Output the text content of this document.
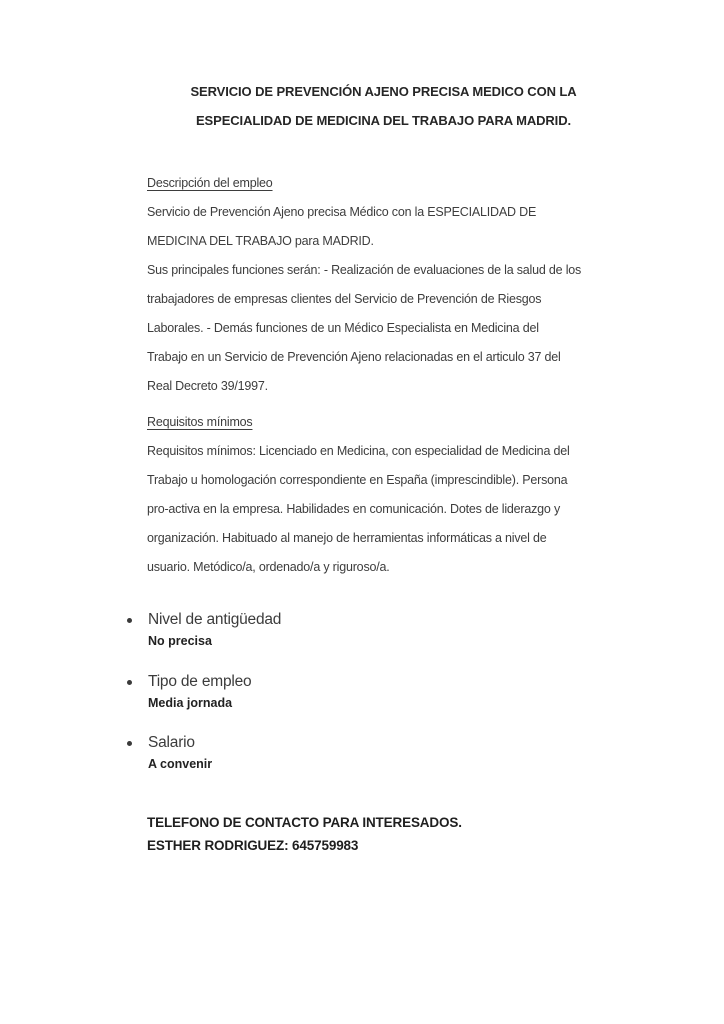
SERVICIO DE PREVENCIÓN AJENO PRECISA MEDICO CON LA
ESPECIALIDAD DE MEDICINA DEL TRABAJO PARA MADRID.
Descripción del empleo
Servicio de Prevención Ajeno precisa Médico con la ESPECIALIDAD DE
MEDICINA DEL TRABAJO para MADRID.
Sus principales funciones serán: - Realización de evaluaciones de la salud de los
trabajadores de empresas clientes del Servicio de Prevención de Riesgos
Laborales. - Demás funciones de un Médico Especialista en Medicina del
Trabajo en un Servicio de Prevención Ajeno relacionadas en el articulo 37 del
Real Decreto 39/1997.
Requisitos mínimos
Requisitos mínimos: Licenciado en Medicina, con especialidad de Medicina del
Trabajo u homologación correspondiente en España (imprescindible). Persona
pro-activa en la empresa. Habilidades en comunicación. Dotes de liderazgo y
organización. Habituado al manejo de herramientas informáticas a nivel de
usuario. Metódico/a, ordenado/a y riguroso/a.
Nivel de antigüedad
No precisa
Tipo de empleo
Media jornada
Salario
A convenir
TELEFONO DE CONTACTO PARA INTERESADOS.
ESTHER RODRIGUEZ: 645759983
